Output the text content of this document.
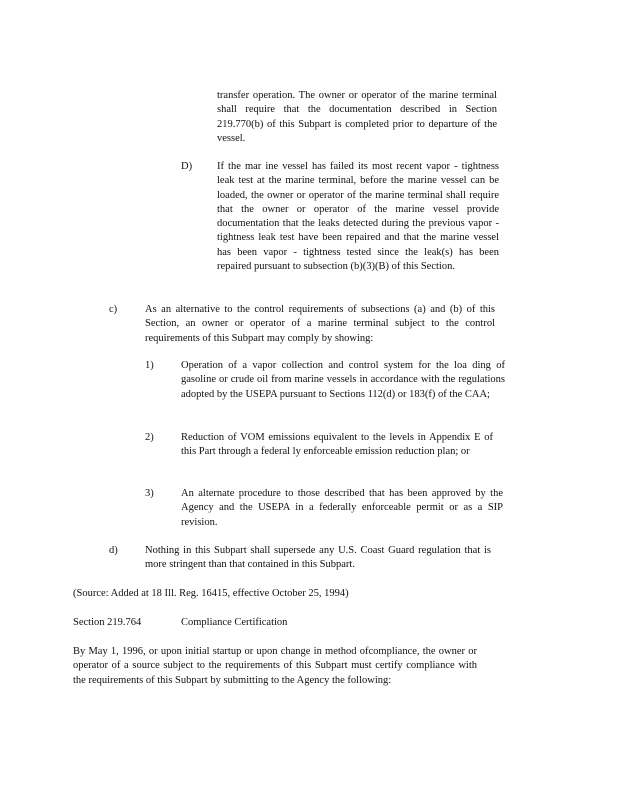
transfer operation. The owner or operator of the marine terminal shall require that the documentation described in Section 219.770(b) of this Subpart is completed prior to departure of the vessel.
D) If the mar ine vessel has failed its most recent vapor - tightness leak test at the marine terminal, before the marine vessel can be loaded, the owner or operator of the marine terminal shall require that the owner or operator of the marine vessel provide documentation that the leaks detected during the previous vapor -tightness leak test have been repaired and that the marine vessel has been vapor - tightness tested since the leak(s) has been repaired pursuant to subsection (b)(3)(B) of this Section.
c)	As an alternative to the control requirements of subsections (a) and (b) of this Section, an owner or operator of a marine terminal subject to the control requirements of this Subpart may comply by showing:
1)	Operation of a vapor collection and control system for the loa ding of gasoline or crude oil from marine vessels in accordance with the regulations adopted by the USEPA pursuant to Sections 112(d) or 183(f) of the CAA;
2)	Reduction of VOM emissions equivalent to the levels in Appendix E of this Part through a federal ly enforceable emission reduction plan; or
3)	An alternate procedure to those described that has been approved by the Agency and the USEPA in a federally enforceable permit or as a SIP revision.
d)	Nothing in this Subpart shall supersede any U.S. Coast Guard regulation that is more stringent than that contained in this Subpart.
(Source: Added at 18 Ill. Reg. 16415, effective October 25, 1994)
Section 219.764	Compliance Certification
By May 1, 1996, or upon initial startup or upon change in method ofcompliance, the owner or operator of a source subject to the requirements of this Subpart must certify compliance with the requirements of this Subpart by submitting to the Agency the following:
